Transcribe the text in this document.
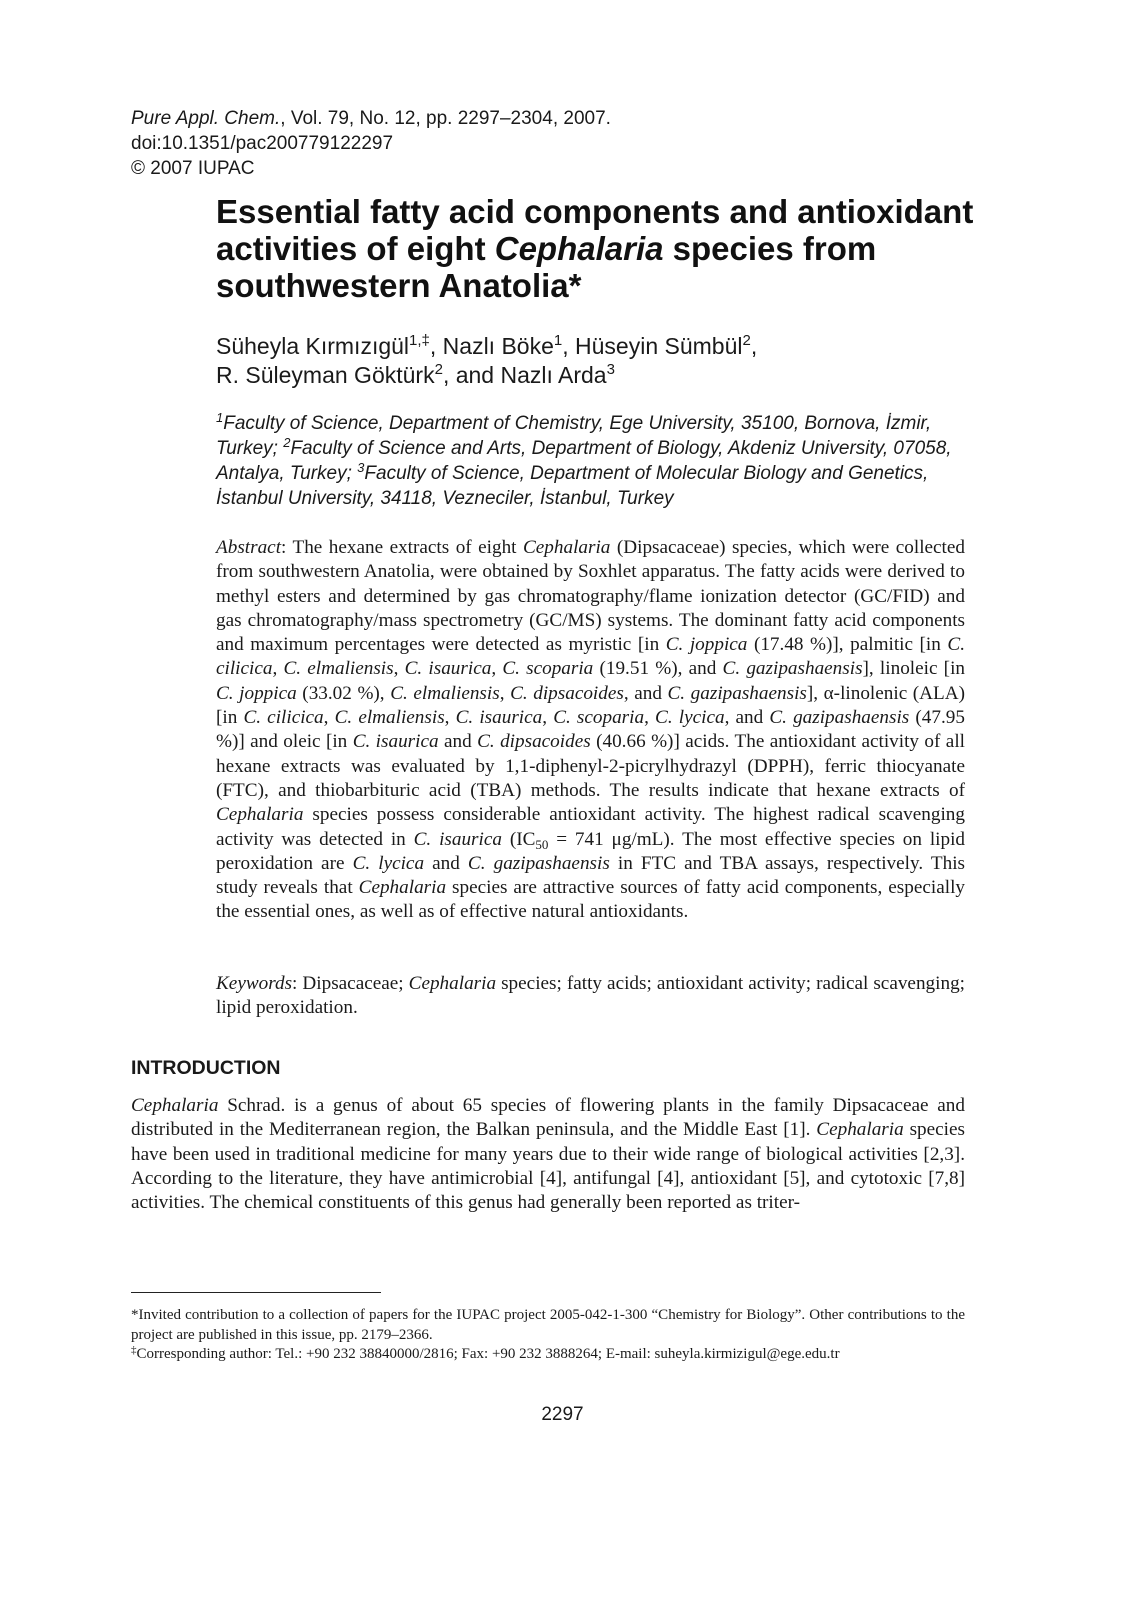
Pure Appl. Chem., Vol. 79, No. 12, pp. 2297–2304, 2007.
doi:10.1351/pac200779122297
© 2007 IUPAC
Essential fatty acid components and antioxidant activities of eight Cephalaria species from southwestern Anatolia*
Süheyla Kırmızıgül$^{1,\ddagger}$, Nazlı Böke$^1$, Hüseyin Sümbül$^2$,
R. Süleyman Göktürk$^2$, and Nazlı Arda$^3$
$^1$Faculty of Science, Department of Chemistry, Ege University, 35100, Bornova, İzmir, Turkey; $^2$Faculty of Science and Arts, Department of Biology, Akdeniz University, 07058, Antalya, Turkey; $^3$Faculty of Science, Department of Molecular Biology and Genetics, İstanbul University, 34118, Vezneciler, İstanbul, Turkey

Abstract: The hexane extracts of eight Cephalaria (Dipsacaceae) species, which were collected from southwestern Anatolia, were obtained by Soxhlet apparatus. The fatty acids were derived to methyl esters and determined by gas chromatography/flame ionization detector (GC/FID) and gas chromatography/mass spectrometry (GC/MS) systems. The dominant fatty acid components and maximum percentages were detected as myristic [in C. joppica (17.48 %)], palmitic [in C. cilicica, C. elmaliensis, C. isaurica, C. scoparia (19.51 %), and C. gazipashaensis], linoleic [in C. joppica (33.02 %), C. elmaliensis, C. dipsacoides, and C. gazipashaensis], α-linolenic (ALA) [in C. cilicica, C. elmaliensis, C. isaurica, C. scoparia, C. lycica, and C. gazipashaensis (47.95 %)] and oleic [in C. isaurica and C. dipsacoides (40.66 %)] acids. The antioxidant activity of all hexane extracts was evaluated by 1,1-diphenyl-2-picrylhydrazyl (DPPH), ferric thiocyanate (FTC), and thiobarbituric acid (TBA) methods. The results indicate that hexane extracts of Cephalaria species possess considerable antioxidant activity. The highest radical scavenging activity was detected in C. isaurica ($IC_{50} = 741$ μg/mL). The most effective species on lipid peroxidation are C. lycica and C. gazipashaensis in FTC and TBA assays, respectively. This study reveals that Cephalaria species are attractive sources of fatty acid components, especially the essential ones, as well as of effective natural antioxidants.

Keywords: Dipsacaceae; Cephalaria species; fatty acids; antioxidant activity; radical scavenging; lipid peroxidation.

INTRODUCTION

Cephalaria Schrad. is a genus of about 65 species of flowering plants in the family Dipsacaceae and distributed in the Mediterranean region, the Balkan peninsula, and the Middle East [1]. Cephalaria species have been used in traditional medicine for many years due to their wide range of biological activities [2,3]. According to the literature, they have antimicrobial [4], antifungal [4], antioxidant [5], and cytotoxic [7,8] activities. The chemical constituents of this genus had generally been reported as triter-

*Invited contribution to a collection of papers for the IUPAC project 2005-042-1-300 “Chemistry for Biology”. Other contributions to the project are published in this issue, pp. 2179–2366.

‡Corresponding author: Tel.: +90 232 38840000/2816; Fax: +90 232 3888264; E-mail: suheyla.kirmizigul@ege.edu.tr

2297
